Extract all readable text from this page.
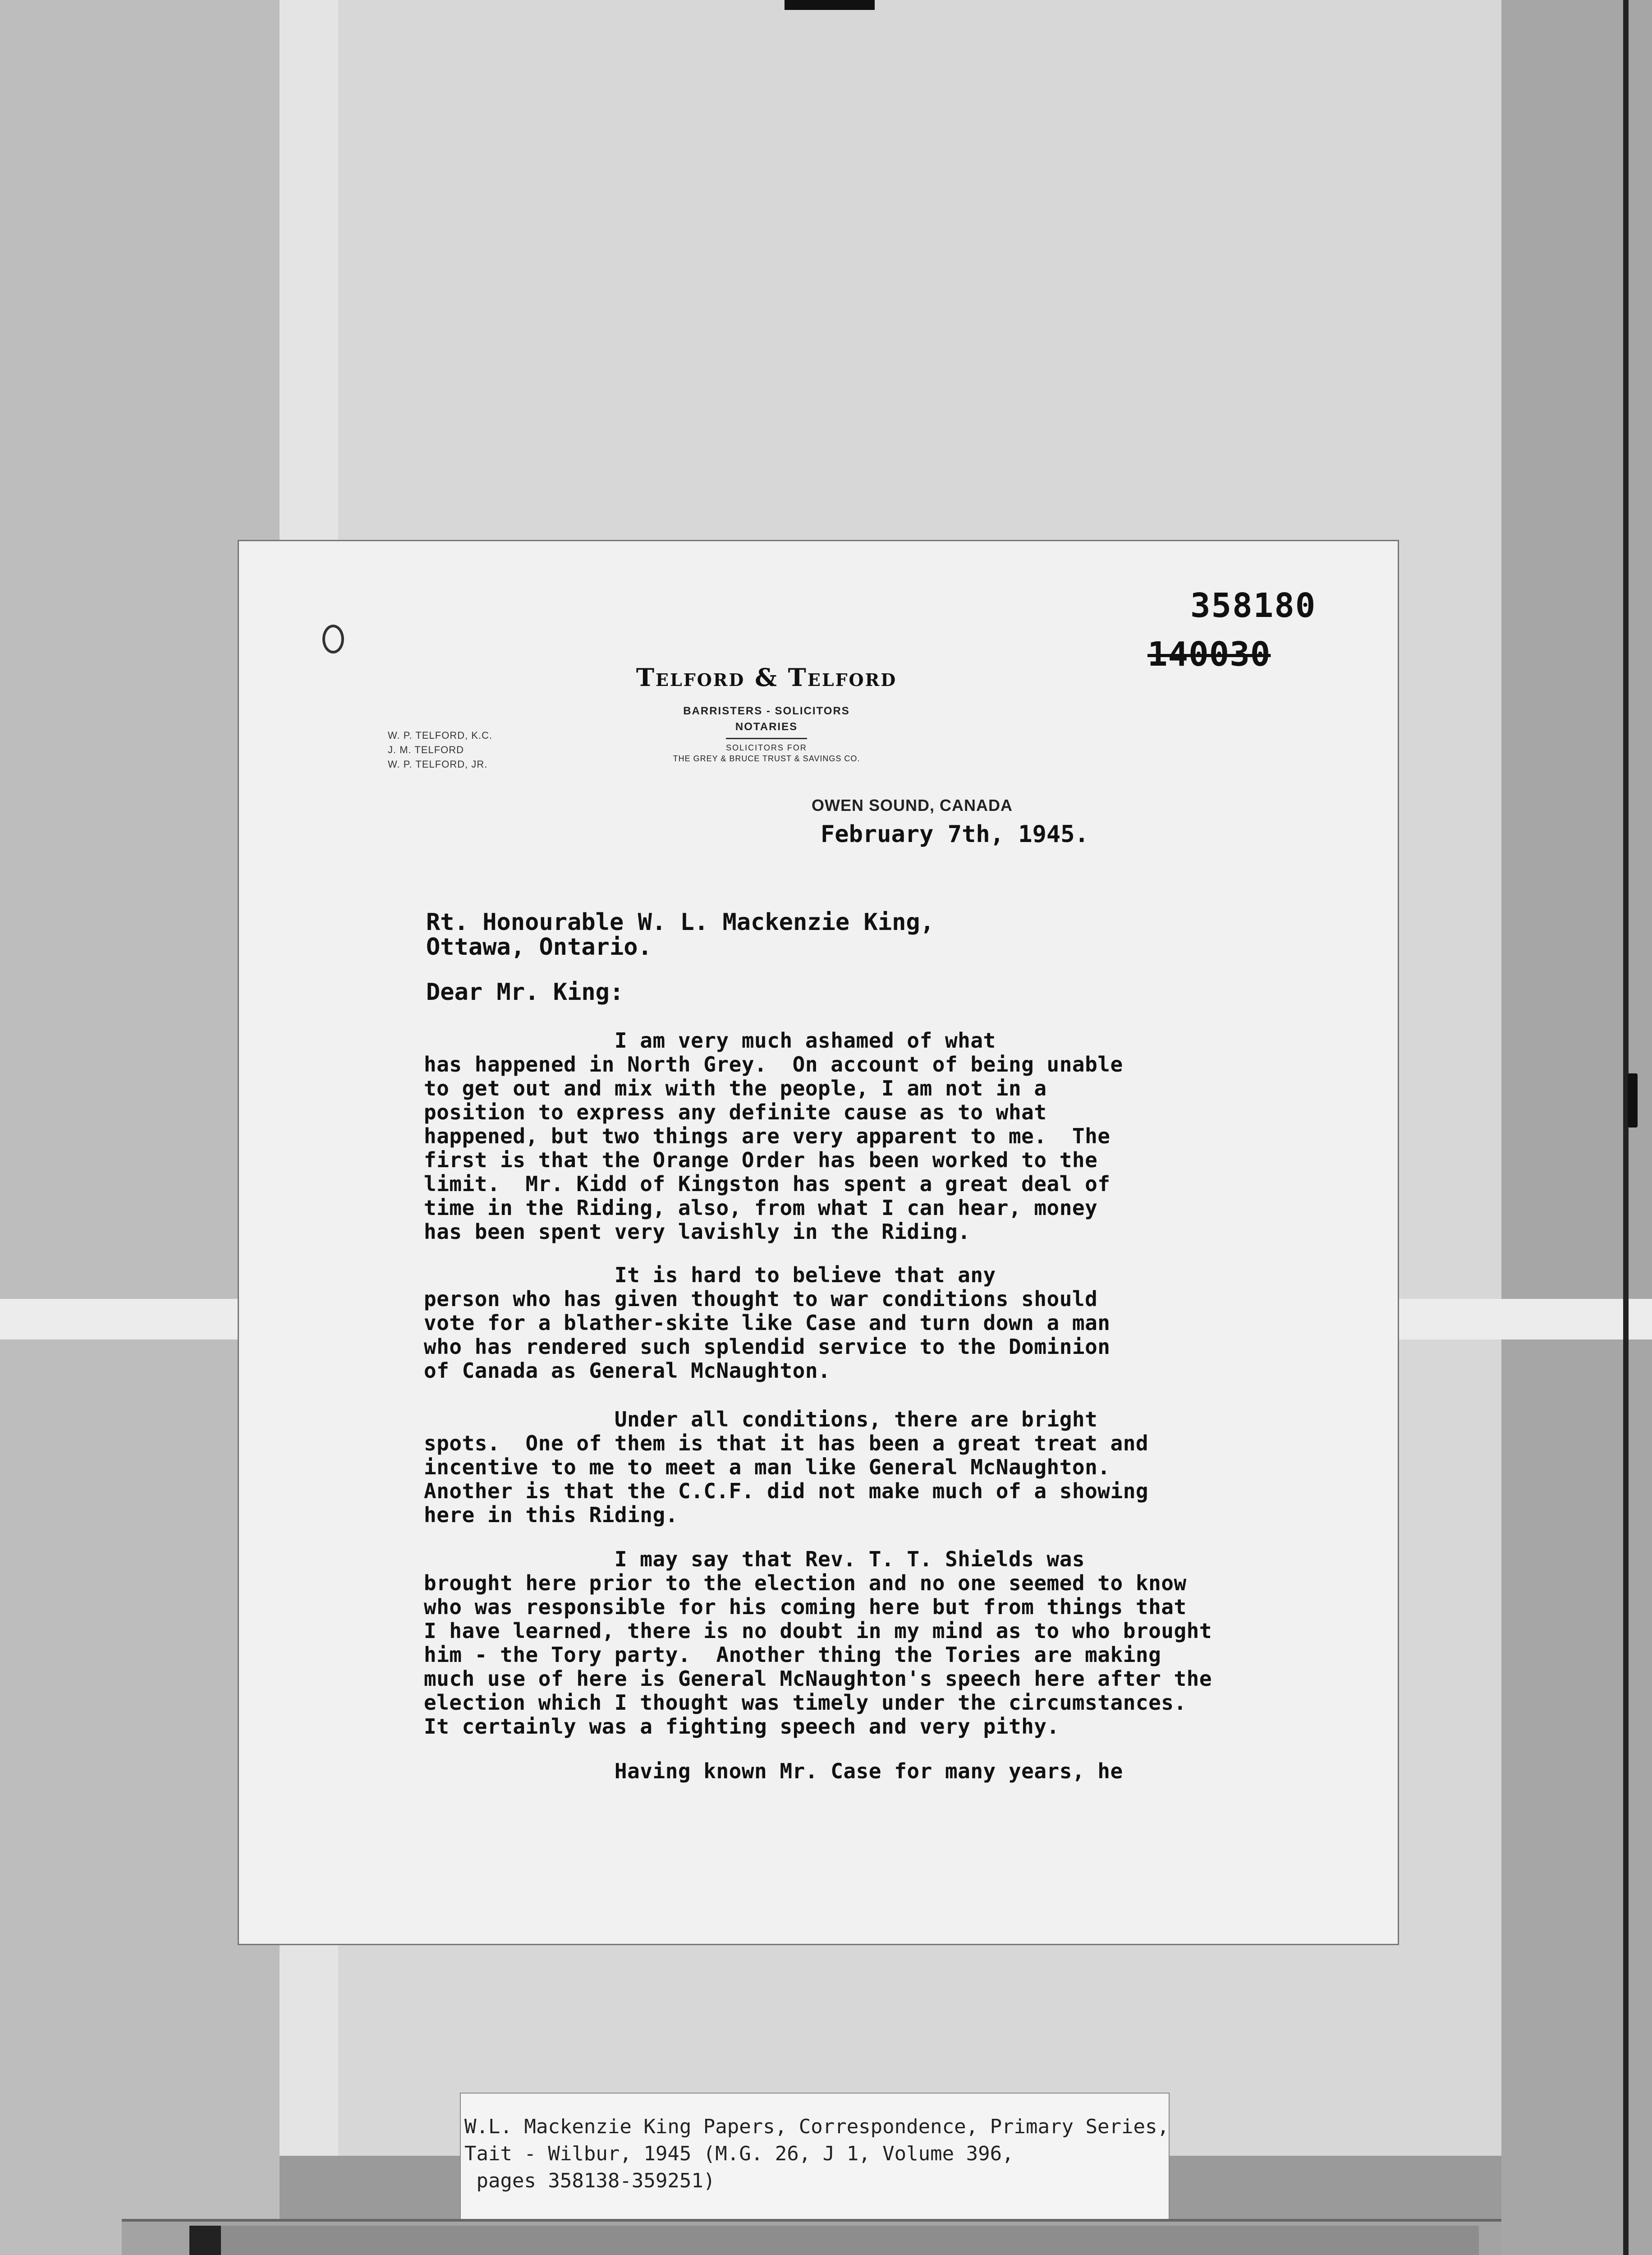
358180
140030
Telford & Telford
BARRISTERS - SOLICITORS
NOTARIES
SOLICITORS FOR
THE GREY & BRUCE TRUST & SAVINGS CO.
W. P. TELFORD, K.C.
J. M. TELFORD
W. P. TELFORD, JR.
OWEN SOUND, CANADA
February 7th, 1945.
Rt. Honourable W. L. Mackenzie King,
Ottawa, Ontario.
Dear Mr. King:
I am very much ashamed of what
has happened in North Grey.  On account of being unable
to get out and mix with the people, I am not in a
position to express any definite cause as to what
happened, but two things are very apparent to me.  The
first is that the Orange Order has been worked to the
limit.  Mr. Kidd of Kingston has spent a great deal of
time in the Riding, also, from what I can hear, money
has been spent very lavishly in the Riding.
It is hard to believe that any
person who has given thought to war conditions should
vote for a blather-skite like Case and turn down a man
who has rendered such splendid service to the Dominion
of Canada as General McNaughton.
Under all conditions, there are bright
spots.  One of them is that it has been a great treat and
incentive to me to meet a man like General McNaughton.
Another is that the C.C.F. did not make much of a showing
here in this Riding.
I may say that Rev. T. T. Shields was
brought here prior to the election and no one seemed to know
who was responsible for his coming here but from things that
I have learned, there is no doubt in my mind as to who brought
him - the Tory party.  Another thing the Tories are making
much use of here is General McNaughton's speech here after the
election which I thought was timely under the circumstances.
It certainly was a fighting speech and very pithy.
Having known Mr. Case for many years, he
W.L. Mackenzie King Papers, Correspondence, Primary Series,
Tait - Wilbur, 1945 (M.G. 26, J 1, Volume 396,
pages 358138-359251)
